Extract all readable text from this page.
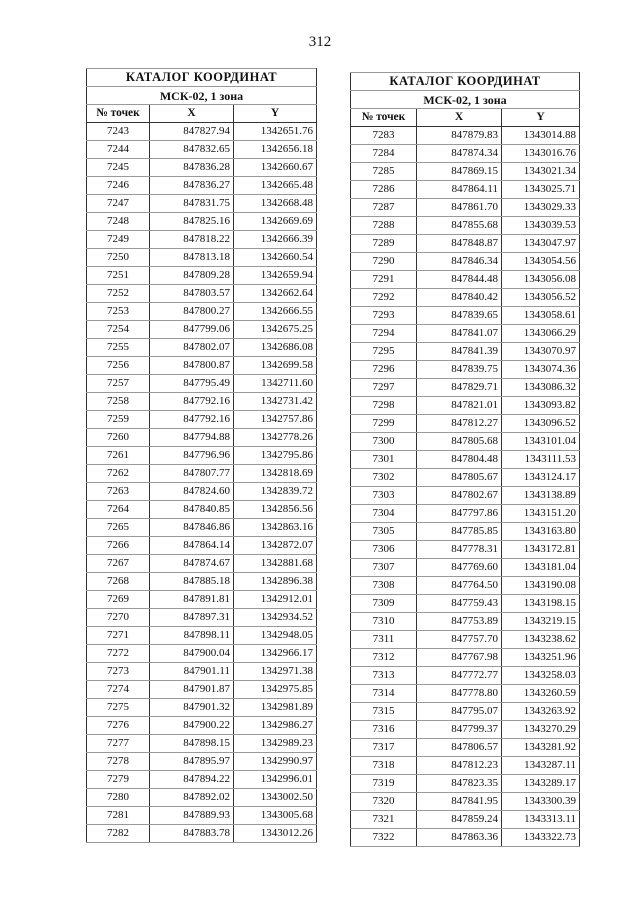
312
КАТАЛОГ КООРДИНАТ		
МСК-02, 1 зона		
№ точек	X	Y
7243	847827.94	1342651.76
7244	847832.65	1342656.18
7245	847836.28	1342660.67
7246	847836.27	1342665.48
7247	847831.75	1342668.48
7248	847825.16	1342669.69
7249	847818.22	1342666.39
7250	847813.18	1342660.54
7251	847809.28	1342659.94
7252	847803.57	1342662.64
7253	847800.27	1342666.55
7254	847799.06	1342675.25
7255	847802.07	1342686.08
7256	847800.87	1342699.58
7257	847795.49	1342711.60
7258	847792.16	1342731.42
7259	847792.16	1342757.86
7260	847794.88	1342778.26
7261	847796.96	1342795.86
7262	847807.77	1342818.69
7263	847824.60	1342839.72
7264	847840.85	1342856.56
7265	847846.86	1342863.16
7266	847864.14	1342872.07
7267	847874.67	1342881.68
7268	847885.18	1342896.38
7269	847891.81	1342912.01
7270	847897.31	1342934.52
7271	847898.11	1342948.05
7272	847900.04	1342966.17
7273	847901.11	1342971.38
7274	847901.87	1342975.85
7275	847901.32	1342981.89
7276	847900.22	1342986.27
7277	847898.15	1342989.23
7278	847895.97	1342990.97
7279	847894.22	1342996.01
7280	847892.02	1343002.50
7281	847889.93	1343005.68
7282	847883.78	1343012.26
КАТАЛОГ КООРДИНАТ		
МСК-02, 1 зона		
№ точек	X	Y
7283	847879.83	1343014.88
7284	847874.34	1343016.76
7285	847869.15	1343021.34
7286	847864.11	1343025.71
7287	847861.70	1343029.33
7288	847855.68	1343039.53
7289	847848.87	1343047.97
7290	847846.34	1343054.56
7291	847844.48	1343056.08
7292	847840.42	1343056.52
7293	847839.65	1343058.61
7294	847841.07	1343066.29
7295	847841.39	1343070.97
7296	847839.75	1343074.36
7297	847829.71	1343086.32
7298	847821.01	1343093.82
7299	847812.27	1343096.52
7300	847805.68	1343101.04
7301	847804.48	1343111.53
7302	847805.67	1343124.17
7303	847802.67	1343138.89
7304	847797.86	1343151.20
7305	847785.85	1343163.80
7306	847778.31	1343172.81
7307	847769.60	1343181.04
7308	847764.50	1343190.08
7309	847759.43	1343198.15
7310	847753.89	1343219.15
7311	847757.70	1343238.62
7312	847767.98	1343251.96
7313	847772.77	1343258.03
7314	847778.80	1343260.59
7315	847795.07	1343263.92
7316	847799.37	1343270.29
7317	847806.57	1343281.92
7318	847812.23	1343287.11
7319	847823.35	1343289.17
7320	847841.95	1343300.39
7321	847859.24	1343313.11
7322	847863.36	1343322.73
